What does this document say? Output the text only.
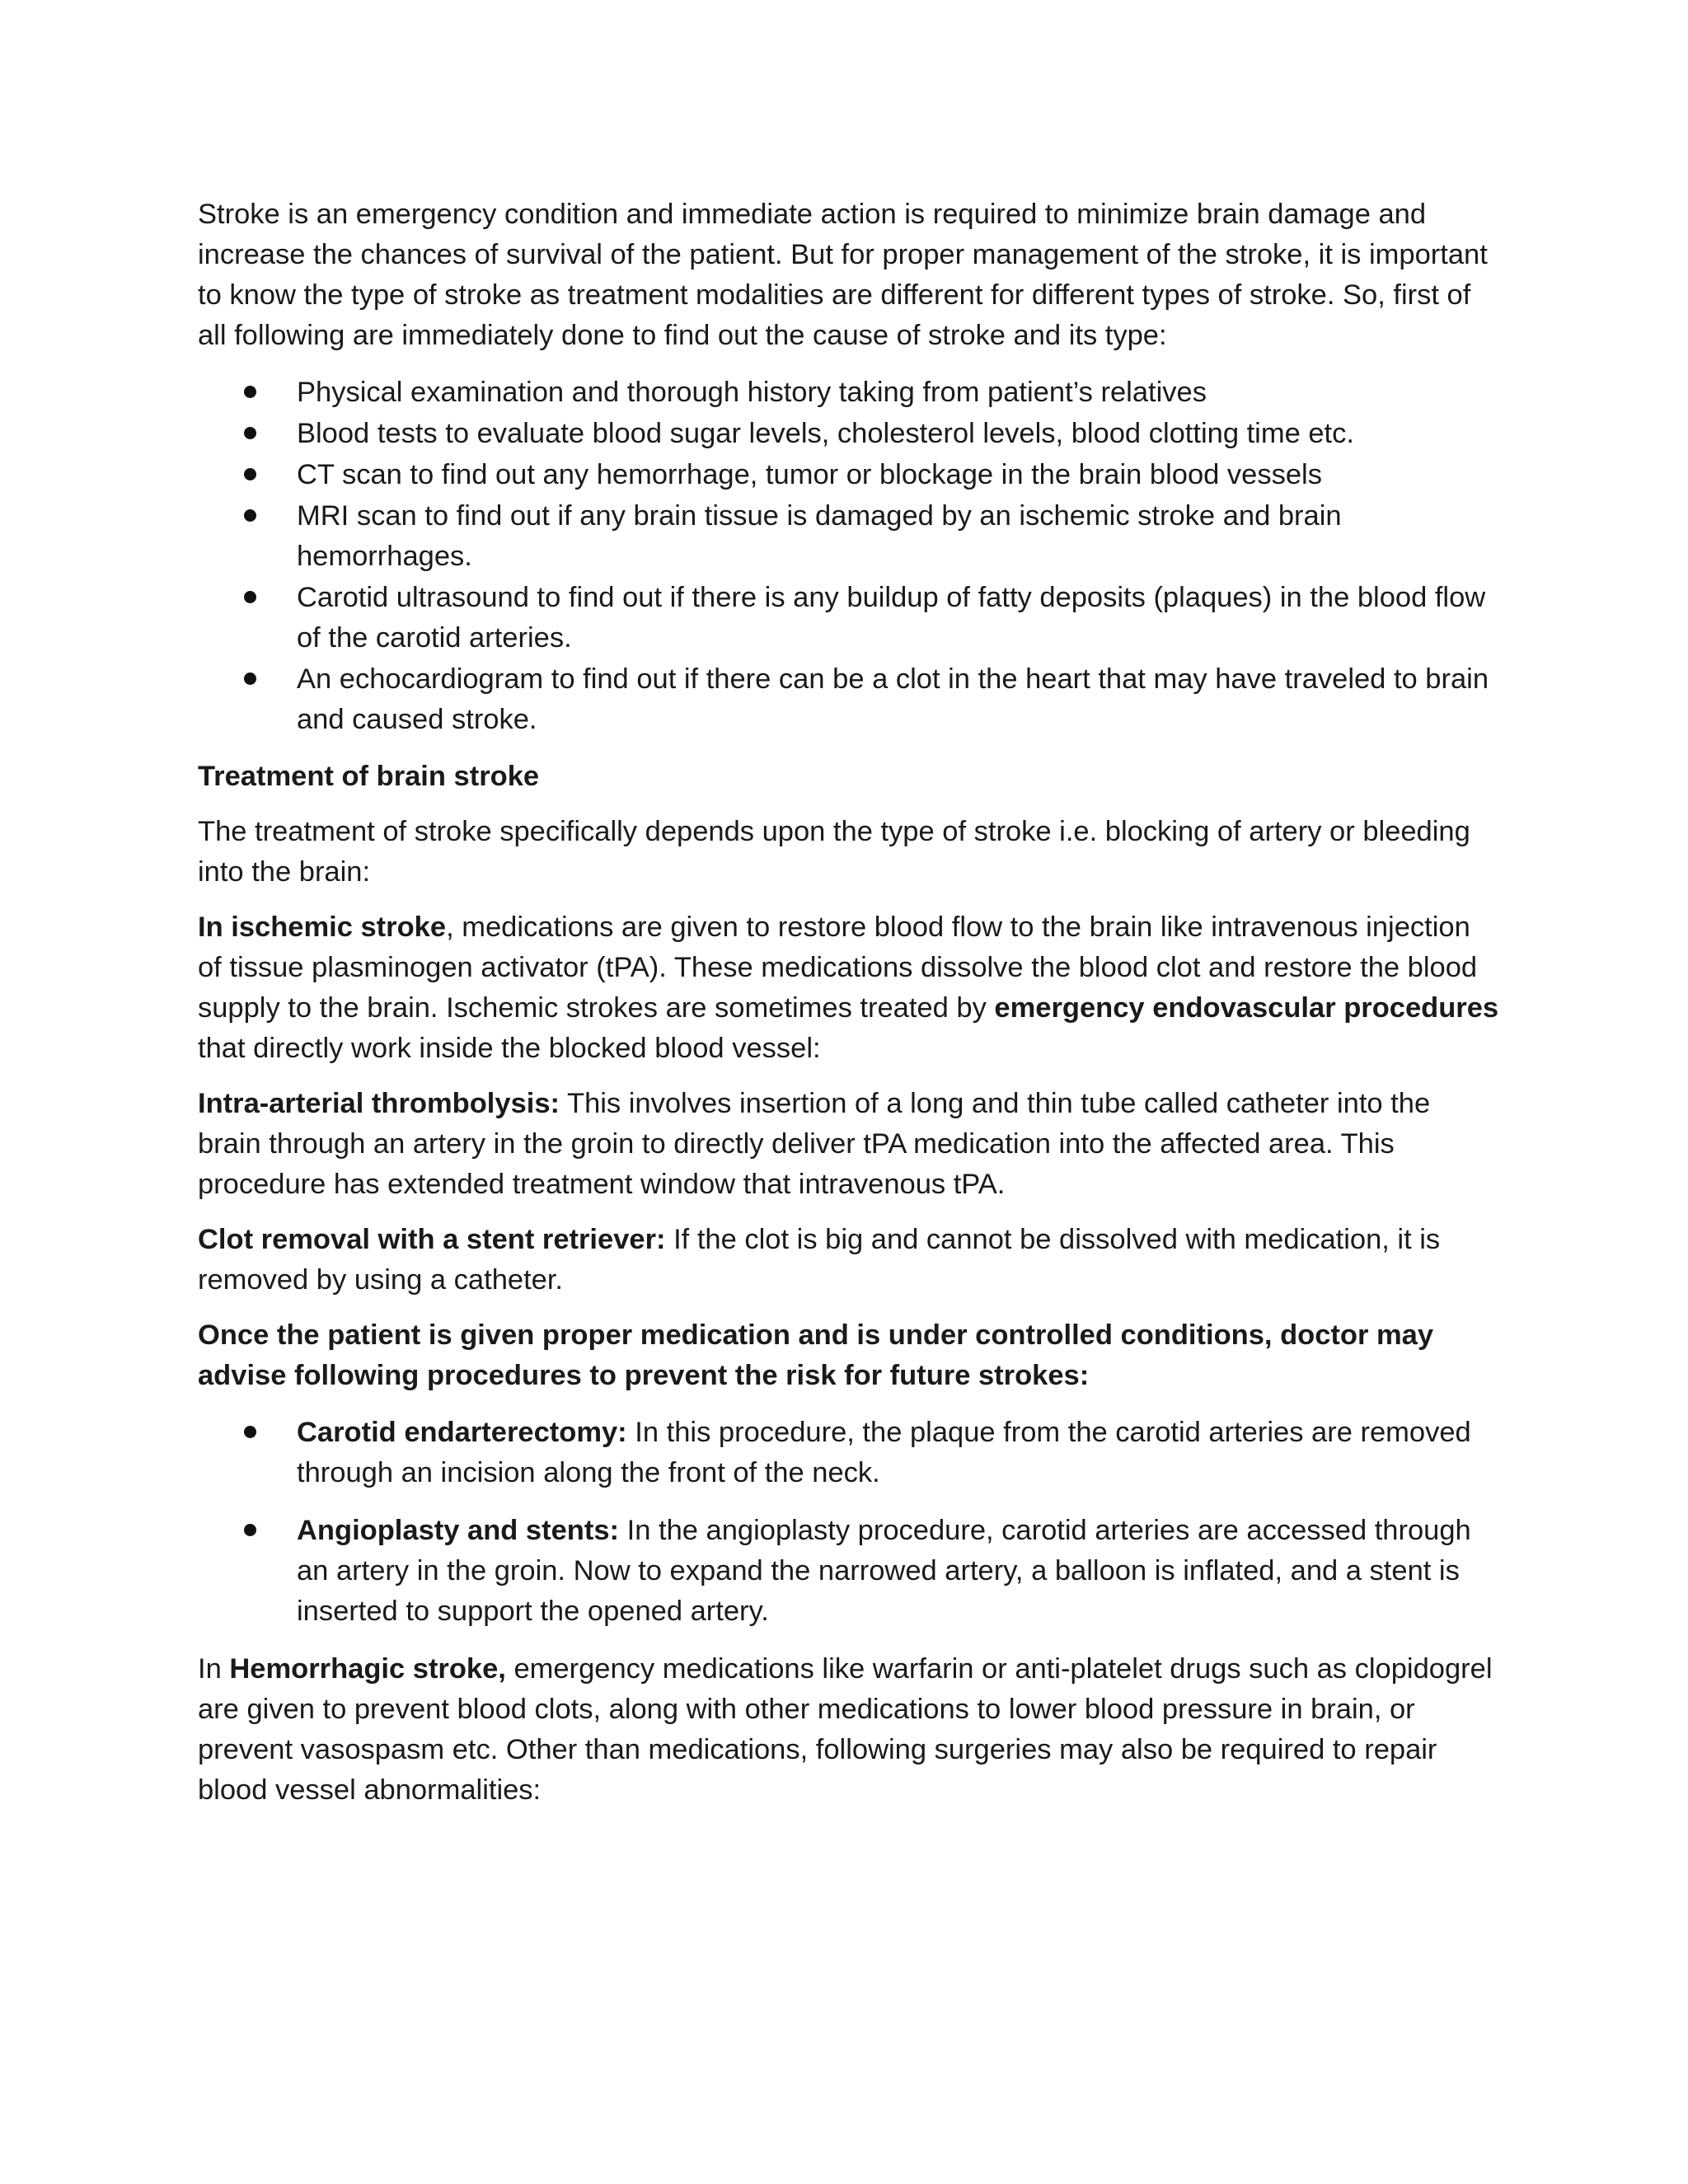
Stroke is an emergency condition and immediate action is required to minimize brain damage and increase the chances of survival of the patient. But for proper management of the stroke, it is important to know the type of stroke as treatment modalities are different for different types of stroke. So, first of all following are immediately done to find out the cause of stroke and its type:

Physical examination and thorough history taking from patient’s relatives
Blood tests to evaluate blood sugar levels, cholesterol levels, blood clotting time etc.
CT scan to find out any hemorrhage, tumor or blockage in the brain blood vessels
MRI scan to find out if any brain tissue is damaged by an ischemic stroke and brain hemorrhages.
Carotid ultrasound to find out if there is any buildup of fatty deposits (plaques) in the blood flow of the carotid arteries.
An echocardiogram to find out if there can be a clot in the heart that may have traveled to brain and caused stroke.

Treatment of brain stroke

The treatment of stroke specifically depends upon the type of stroke i.e. blocking of artery or bleeding into the brain:

In ischemic stroke, medications are given to restore blood flow to the brain like intravenous injection of tissue plasminogen activator (tPA). These medications dissolve the blood clot and restore the blood supply to the brain. Ischemic strokes are sometimes treated by emergency endovascular procedures that directly work inside the blocked blood vessel:

Intra-arterial thrombolysis: This involves insertion of a long and thin tube called catheter into the brain through an artery in the groin to directly deliver tPA medication into the affected area. This procedure has extended treatment window that intravenous tPA.

Clot removal with a stent retriever: If the clot is big and cannot be dissolved with medication, it is removed by using a catheter.

Once the patient is given proper medication and is under controlled conditions, doctor may advise following procedures to prevent the risk for future strokes:

Carotid endarterectomy: In this procedure, the plaque from the carotid arteries are removed through an incision along the front of the neck.
Angioplasty and stents: In the angioplasty procedure, carotid arteries are accessed through an artery in the groin. Now to expand the narrowed artery, a balloon is inflated, and a stent is inserted to support the opened artery.

In Hemorrhagic stroke, emergency medications like warfarin or anti-platelet drugs such as clopidogrel are given to prevent blood clots, along with other medications to lower blood pressure in brain, or prevent vasospasm etc. Other than medications, following surgeries may also be required to repair blood vessel abnormalities:
